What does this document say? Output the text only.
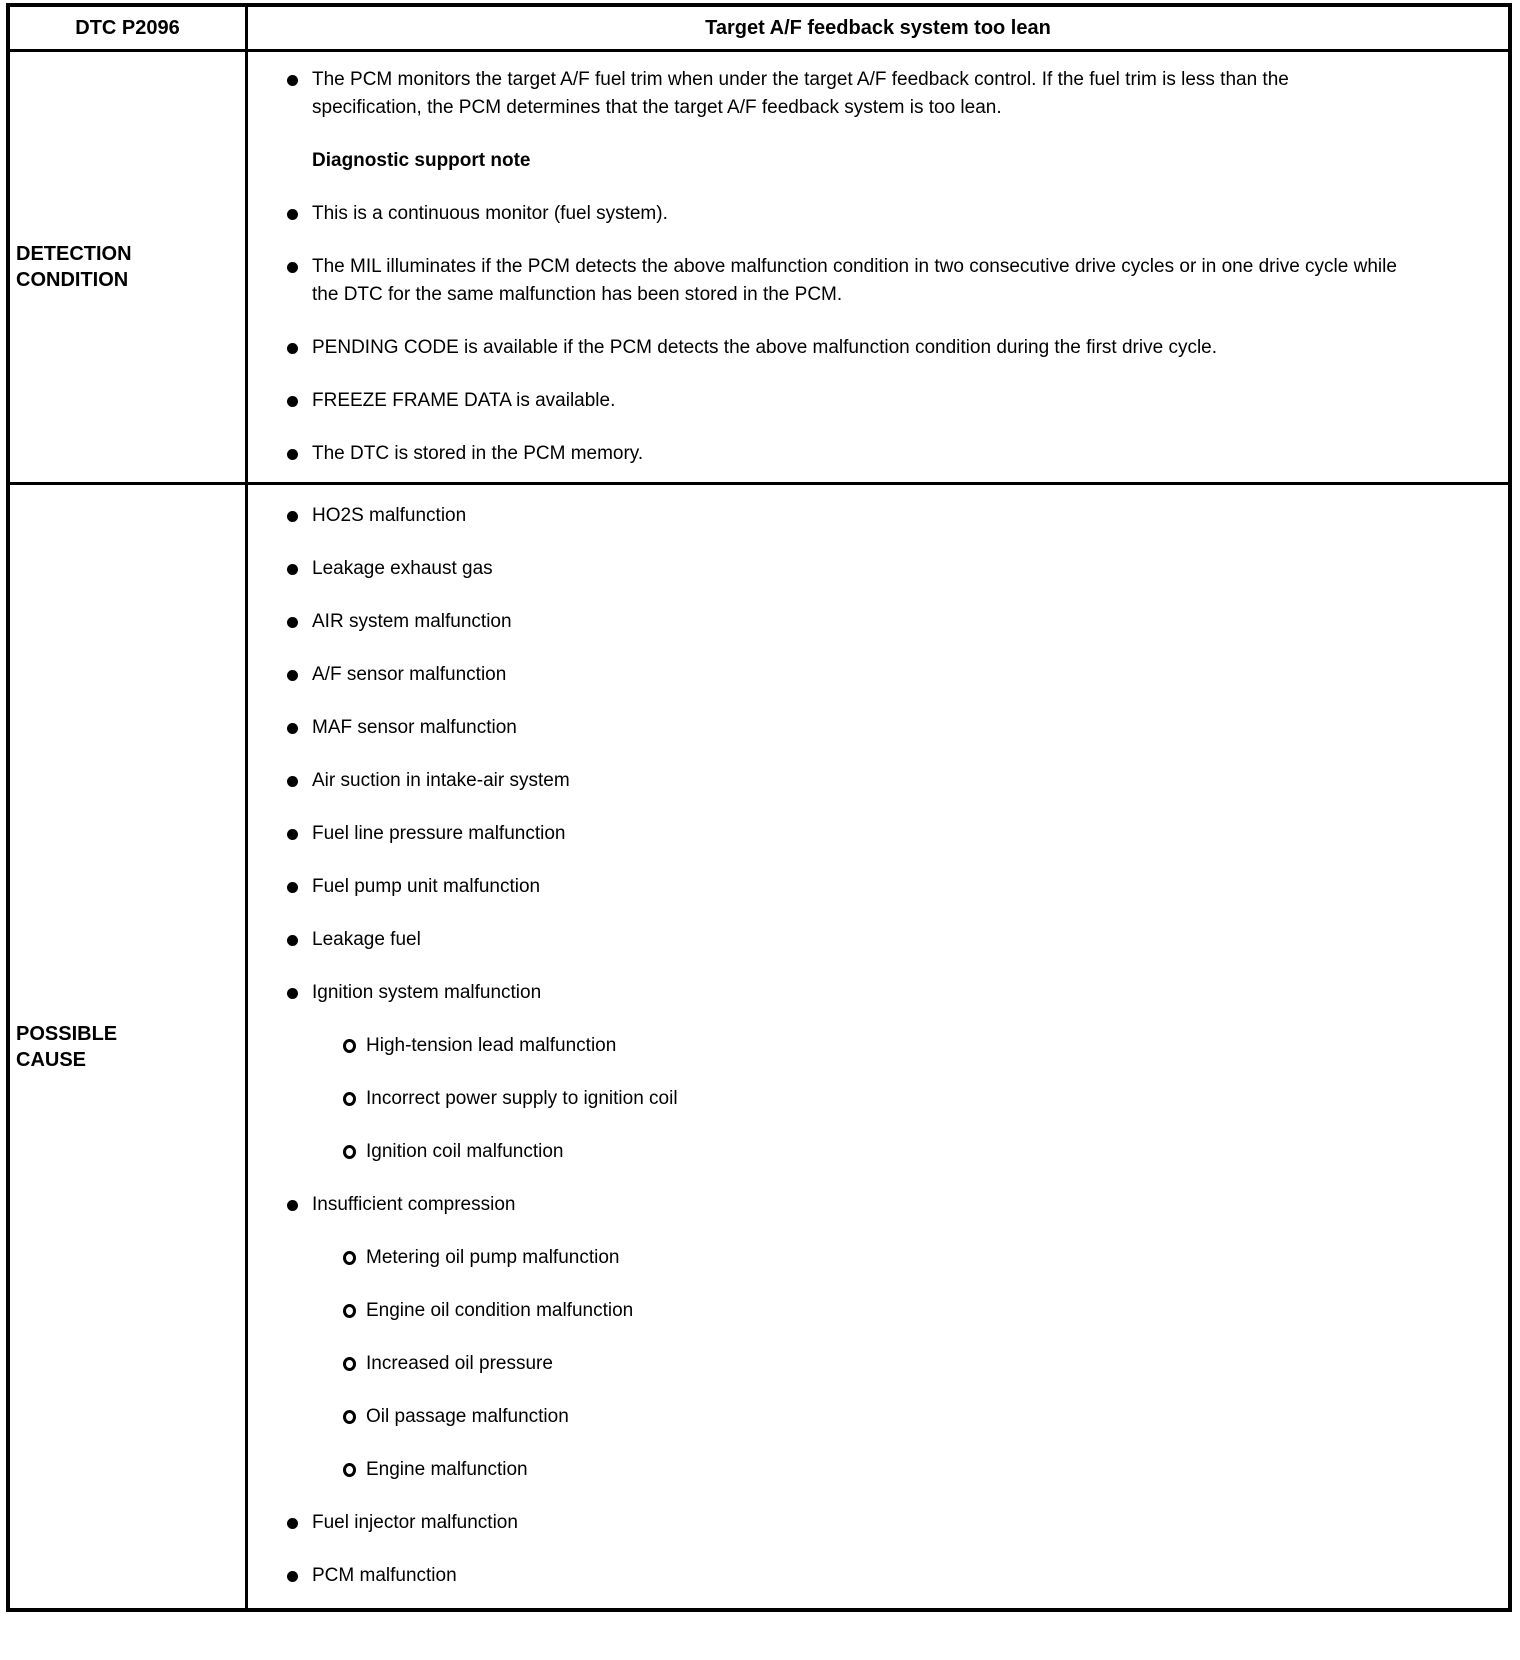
DTC P2096	Target A/F feedback system too lean
DETECTION CONDITION	
The PCM monitors the target A/F fuel trim when under the target A/F feedback control. If the fuel trim is less than the specification, the PCM determines that the target A/F feedback system is too lean.
Diagnostic support note
This is a continuous monitor (fuel system).
The MIL illuminates if the PCM detects the above malfunction condition in two consecutive drive cycles or in one drive cycle while the DTC for the same malfunction has been stored in the PCM.
PENDING CODE is available if the PCM detects the above malfunction condition during the first drive cycle.
FREEZE FRAME DATA is available.
The DTC is stored in the PCM memory.

POSSIBLE CAUSE	
HO2S malfunction
Leakage exhaust gas
AIR system malfunction
A/F sensor malfunction
MAF sensor malfunction
Air suction in intake-air system
Fuel line pressure malfunction
Fuel pump unit malfunction
Leakage fuel
Ignition system malfunction
High-tension lead malfunction
Incorrect power supply to ignition coil
Ignition coil malfunction
Insufficient compression
Metering oil pump malfunction
Engine oil condition malfunction
Increased oil pressure
Oil passage malfunction
Engine malfunction
Fuel injector malfunction
PCM malfunction
